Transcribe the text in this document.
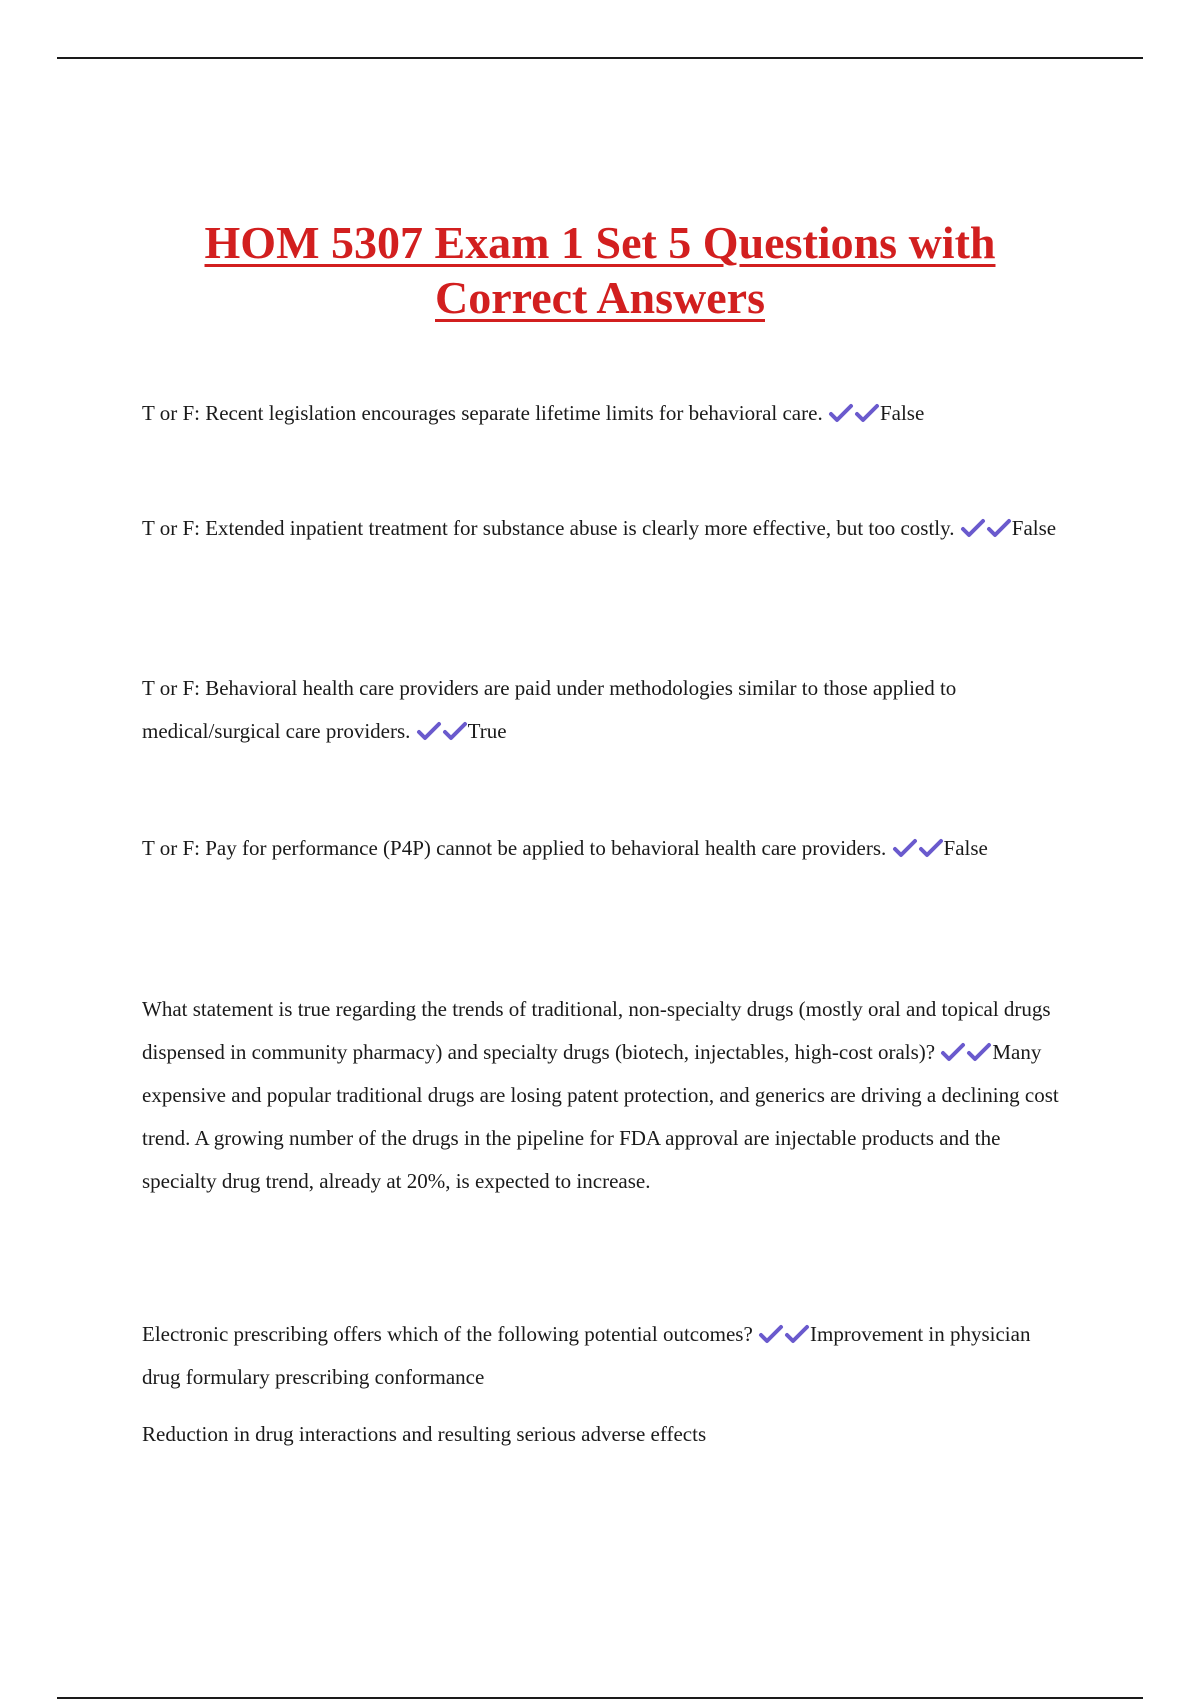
HOM 5307 Exam 1 Set 5 Questions with
Correct Answers

T or F: Recent legislation encourages separate lifetime limits for behavioral care.	False

T or F: Extended inpatient treatment for substance abuse is clearly more effective, but too costly.	False

T or F: Behavioral health care providers are paid under methodologies similar to those applied to medical/surgical care providers.	True

T or F: Pay for performance (P4P) cannot be applied to behavioral health care providers.	False

What statement is true regarding the trends of traditional, non-specialty drugs (mostly oral and topical drugs dispensed in community pharmacy) and specialty drugs (biotech, injectables, high-cost orals)?	Many expensive and popular traditional drugs are losing patent protection, and generics are driving a declining cost trend. A growing number of the drugs in the pipeline for FDA approval are injectable products and the specialty drug trend, already at 20%, is expected to increase.

Electronic prescribing offers which of the following potential outcomes?	Improvement in physician drug formulary prescribing conformance

Reduction in drug interactions and resulting serious adverse effects
